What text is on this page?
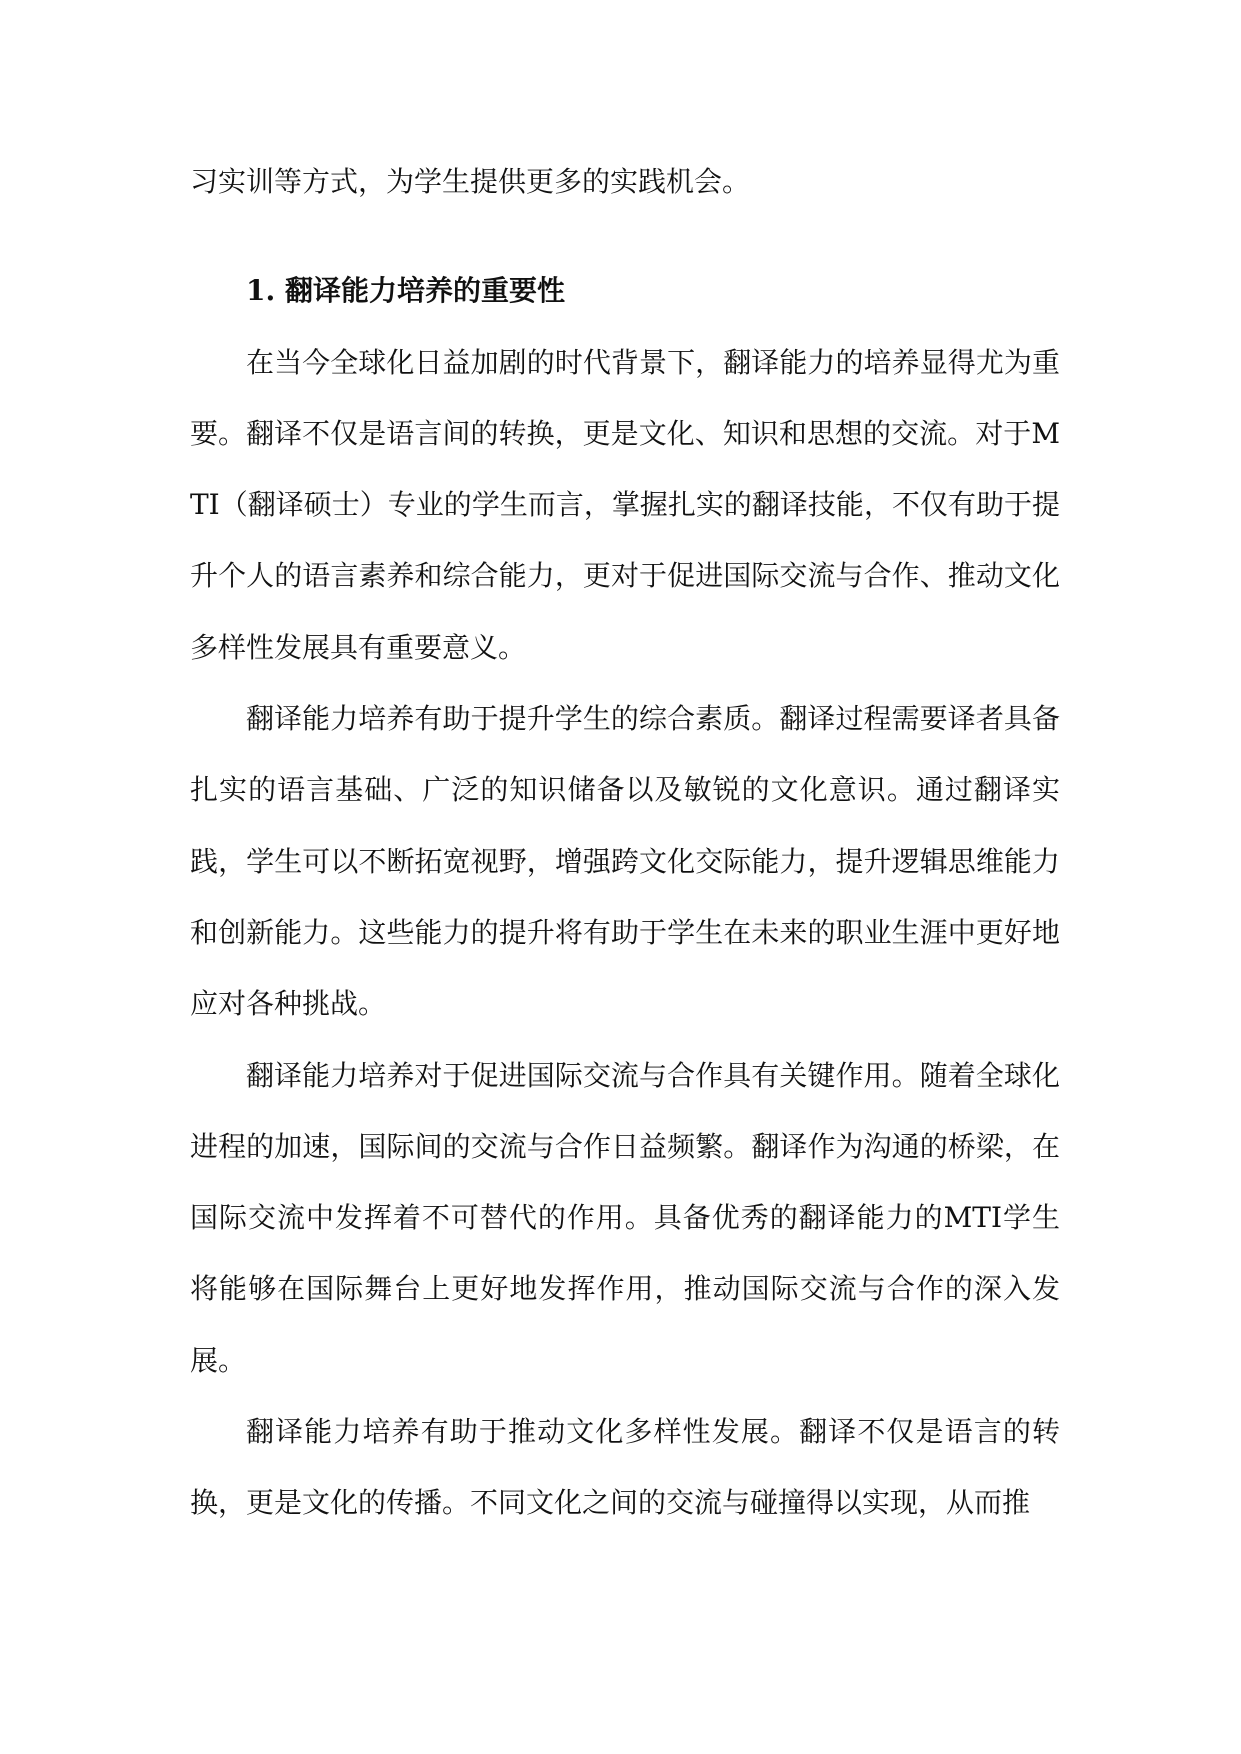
习实训等方式，为学生提供更多的实践机会。

1. 翻译能力培养的重要性

在当今全球化日益加剧的时代背景下，翻译能力的培养显得尤为重要。翻译不仅是语言间的转换，更是文化、知识和思想的交流。对于MTI（翻译硕士）专业的学生而言，掌握扎实的翻译技能，不仅有助于提升个人的语言素养和综合能力，更对于促进国际交流与合作、推动文化多样性发展具有重要意义。

翻译能力培养有助于提升学生的综合素质。翻译过程需要译者具备扎实的语言基础、广泛的知识储备以及敏锐的文化意识。通过翻译实践，学生可以不断拓宽视野，增强跨文化交际能力，提升逻辑思维能力和创新能力。这些能力的提升将有助于学生在未来的职业生涯中更好地应对各种挑战。

翻译能力培养对于促进国际交流与合作具有关键作用。随着全球化进程的加速，国际间的交流与合作日益频繁。翻译作为沟通的桥梁，在国际交流中发挥着不可替代的作用。具备优秀的翻译能力的MTI学生将能够在国际舞台上更好地发挥作用，推动国际交流与合作的深入发展。

翻译能力培养有助于推动文化多样性发展。翻译不仅是语言的转换，更是文化的传播。不同文化之间的交流与碰撞得以实现，从而推
